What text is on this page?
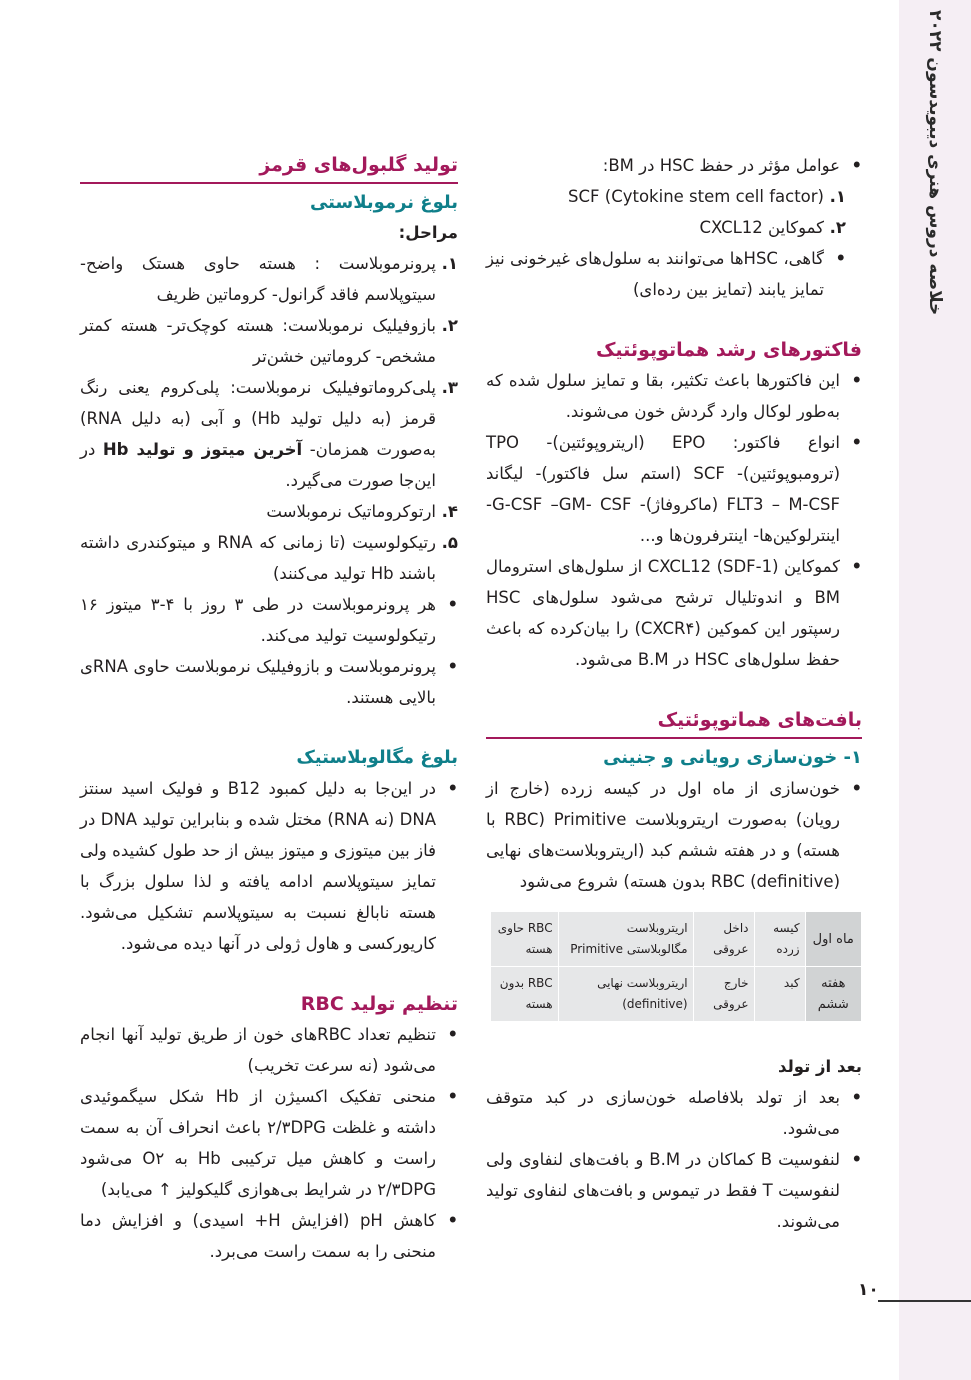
خلاصه دروس هنری دیبویدسون ۲۰۲۲
•
عوامل مؤثر در حفظ HSC در BM:
۱.
SCF (Cytokine stem cell factor)
۲.
کموکاین CXCL12
•
گاهی، HSCها می‌توانند به سلول‌های غیرخونی نیز تمایز یابند (تمایز بین رده‌ای)
فاکتورهای رشد هماتوپوئتیک
•
این فاکتورها باعث تکثیر، بقا و تمایز سلول شده که به‌طور لوکال وارد گردش خون می‌شوند.
•
انواع فاکتور: EPO (اریتروپوئتین)- TPO (ترومبوپوئتین)- SCF (استم سل فاکتور)- لیگاند FLT3 – M-CSF (ماکروفاژ)- G-CSF –GM- CSF- اینترلوکین‌ها- اینترفرون‌ها و...
•
کموکاین CXCL12 (SDF-1) از سلول‌های استرومال BM و اندوتلیال ترشح می‌شود سلول‌های HSC رسپتور این کموکین (CXCR۴) را بیان‌کرده که باعث حفظ سلول‌های HSC در B.M می‌شود.
بافت‌های هماتوپوئتیک
۱- خون‌سازی رویانی و جنینی
•
خون‌سازی از ماه اول در کیسه زرده (خارج از رویان) به‌صورت اریتروبلاست Primitive (RBC با هسته) و در هفته ششم کبد (اریتروبلاست‌های نهایی (definitive) RBC بدون هسته) شروع می‌شود
ماه اول	کیسه زرده	داخل عروقی	اریتروبلاست مگالوبلاستی Primitive	RBC حاوی هسته
هفته ششم	کبد	خارج عروقی	اریتروبلاست نهایی (definitive)	RBC بدون هسته
بعد از تولد
•
بعد از تولد بلافاصله خون‌سازی در کبد متوقف می‌شود.
•
لنفوسیت B کماکان در B.M و بافت‌های لنفاوی ولی لنفوسیت T فقط در تیموس و بافت‌های لنفاوی تولید می‌شوند.
تولید گلبول‌های قرمز
بلوغ نرموبلاستی
مراحل:
۱.
پرونرموبلاست : هسته حاوی هستک واضح- سیتوپلاسم فاقد گرانول- کروماتین ظریف
۲.
بازوفیلیک نرموبلاست: هسته کوچک‌تر- هسته کمتر مشخص- کروماتین خشن‌تر
۳.
پلی‌کروماتوفیلیک نرموبلاست: پلی‌کروم یعنی رنگ قرمز (به دلیل تولید Hb) و آبی (به دلیل RNA) به‌صورت همزمان- آخرین میتوز و تولید Hb در این‌جا صورت می‌گیرد.
۴.
ارتوکروماتیک نرموبلاست
۵.
رتیکولوسیت (تا زمانی که RNA و میتوکندری داشته باشند Hb تولید می‌کنند)
•
هر پرونرموبلاست در طی ۳ روز با ۴-۳ میتوز ۱۶ رتیکولوسیت تولید می‌کند.
•
پرونرموبلاست و بازوفیلیک نرموبلاست حاوی RNAی بالایی هستند.
بلوغ مگالوبلاستیک
•
در این‌جا به دلیل کمبود B12 و فولیک اسید سنتز DNA (نه RNA) مختل شده و بنابراین تولید DNA در فاز بین میتوزی و میتوز بیش از حد طول کشیده ولی تمایز سیتوپلاسم ادامه یافته و لذا سلول بزرگ با هسته نابالغ نسبت به سیتوپلاسم تشکیل می‌شود. کاریورکسی و هاول ژولی در آنها دیده می‌شود.
تنظیم تولید RBC
•
تنظیم تعداد RBCهای خون از طریق تولید آنها انجام می‌شود (نه سرعت تخریب)
•
منحنی تفکیک اکسیژن از Hb شکل سیگموئیدی داشته و غلظت ۲/۳DPG باعث انحراف آن به سمت راست و کاهش میل ترکیبی Hb به O۲ می‌شود ۲/۳DPG در شرایط بی‌هوازی گلیکولیز ↑ می‌یابد)
•
کاهش pH (افزایش H+ اسیدی) و افزایش دما منحنی را به سمت راست می‌برد.
۱۰
